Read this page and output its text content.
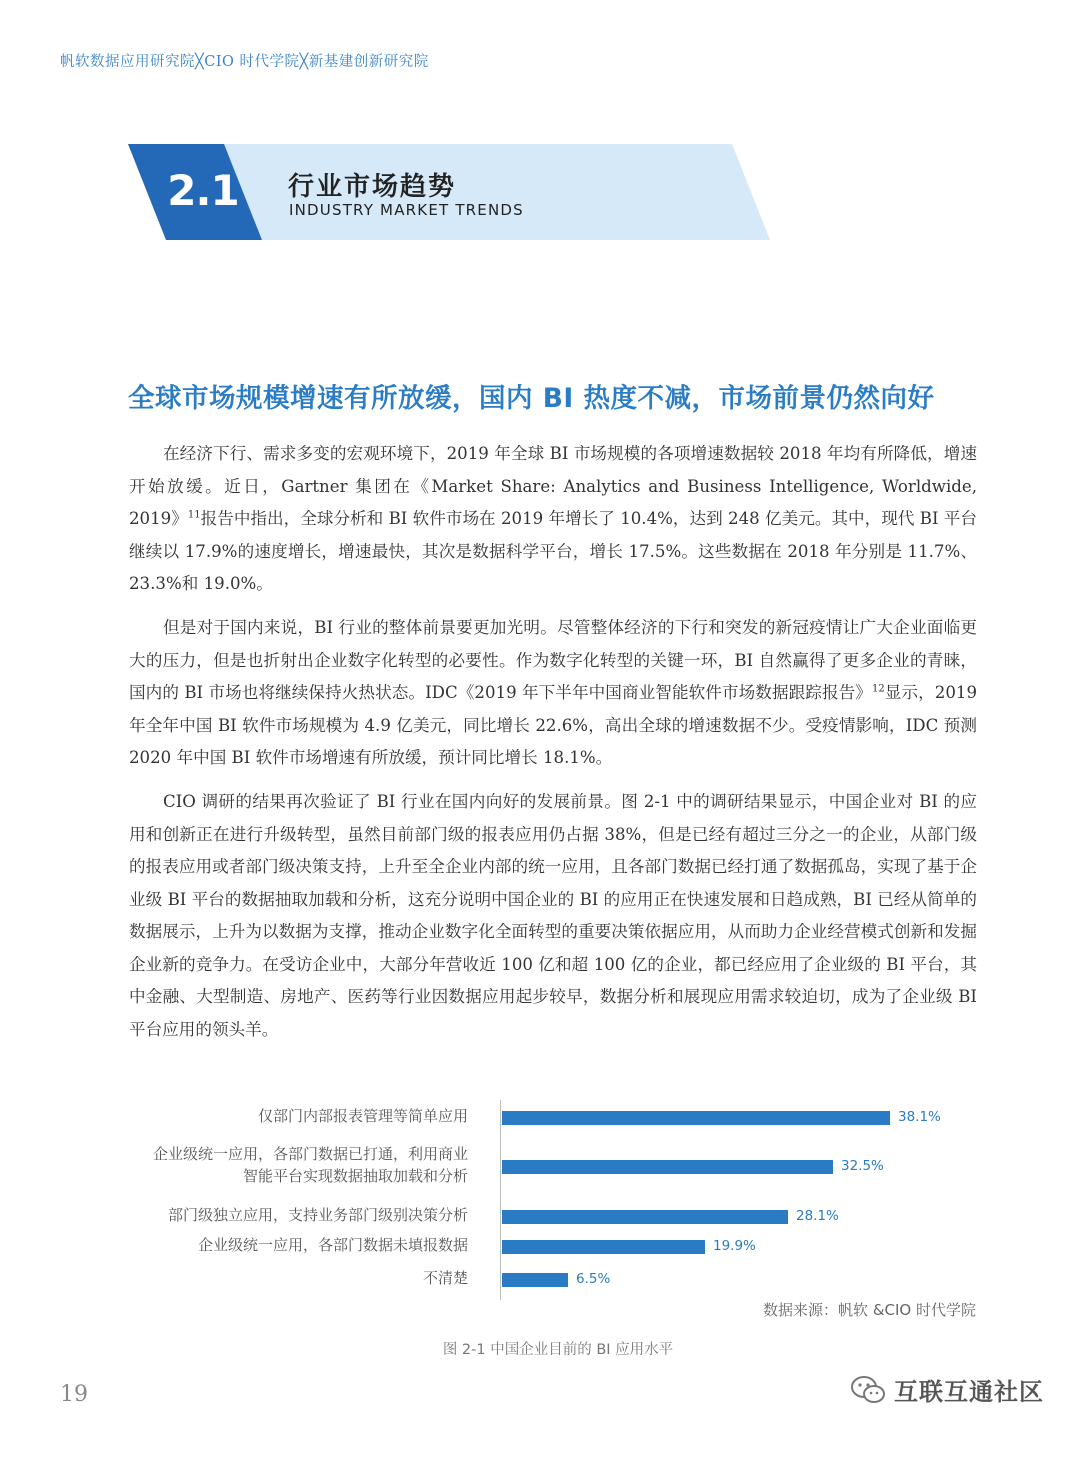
帆软数据应用研究院╳CIO 时代学院╳新基建创新研究院
2.1	行业市场趋势
INDUSTRY MARKET TRENDS
全球市场规模增速有所放缓，国内 BI 热度不减，市场前景仍然向好

在经济下行、需求多变的宏观环境下，2019 年全球 BI 市场规模的各项增速数据较 2018 年均有所降低，增速开始放缓。近日，Gartner 集团在《Market Share: Analytics and Business Intelligence, Worldwide, 2019》$^{11}$报告中指出，全球分析和 BI 软件市场在 2019 年增长了 10.4%，达到 248 亿美元。其中，现代 BI 平台继续以 17.9%的速度增长，增速最快，其次是数据科学平台，增长 17.5%。这些数据在 2018 年分别是 11.7%、23.3%和 19.0%。

但是对于国内来说，BI 行业的整体前景要更加光明。尽管整体经济的下行和突发的新冠疫情让广大企业面临更大的压力，但是也折射出企业数字化转型的必要性。作为数字化转型的关键一环，BI 自然赢得了更多企业的青睐，国内的 BI 市场也将继续保持火热状态。IDC《2019 年下半年中国商业智能软件市场数据跟踪报告》$^{12}$显示，2019 年全年中国 BI 软件市场规模为 4.9 亿美元，同比增长 22.6%，高出全球的增速数据不少。受疫情影响，IDC 预测 2020 年中国 BI 软件市场增速有所放缓，预计同比增长 18.1%。

CIO 调研的结果再次验证了 BI 行业在国内向好的发展前景。图 2-1 中的调研结果显示，中国企业对 BI 的应用和创新正在进行升级转型，虽然目前部门级的报表应用仍占据 38%，但是已经有超过三分之一的企业，从部门级的报表应用或者部门级决策支持，上升至全企业内部的统一应用，且各部门数据已经打通了数据孤岛，实现了基于企业级 BI 平台的数据抽取加载和分析，这充分说明中国企业的 BI 的应用正在快速发展和日趋成熟，BI 已经从简单的数据展示，上升为以数据为支撑，推动企业数字化全面转型的重要决策依据应用，从而助力企业经营模式创新和发掘企业新的竞争力。在受访企业中，大部分年营收近 100 亿和超 100 亿的企业，都已经应用了企业级的 BI 平台，其中金融、大型制造、房地产、医药等行业因数据应用起步较早，数据分析和展现应用需求较迫切，成为了企业级 BI 平台应用的领头羊。

38.1%
仅部门内部报表管理等简单应用
32.5%
企业级统一应用，各部门数据已打通，利用商业
智能平台实现数据抽取加载和分析
28.1%
部门级独立应用，支持业务部门级别决策分析
19.9%
企业级统一应用，各部门数据未填报数据
6.5%
不清楚
数据来源：帆软 &CIO 时代学院
图 2-1 中国企业目前的 BI 应用水平
19	互联互通社区
